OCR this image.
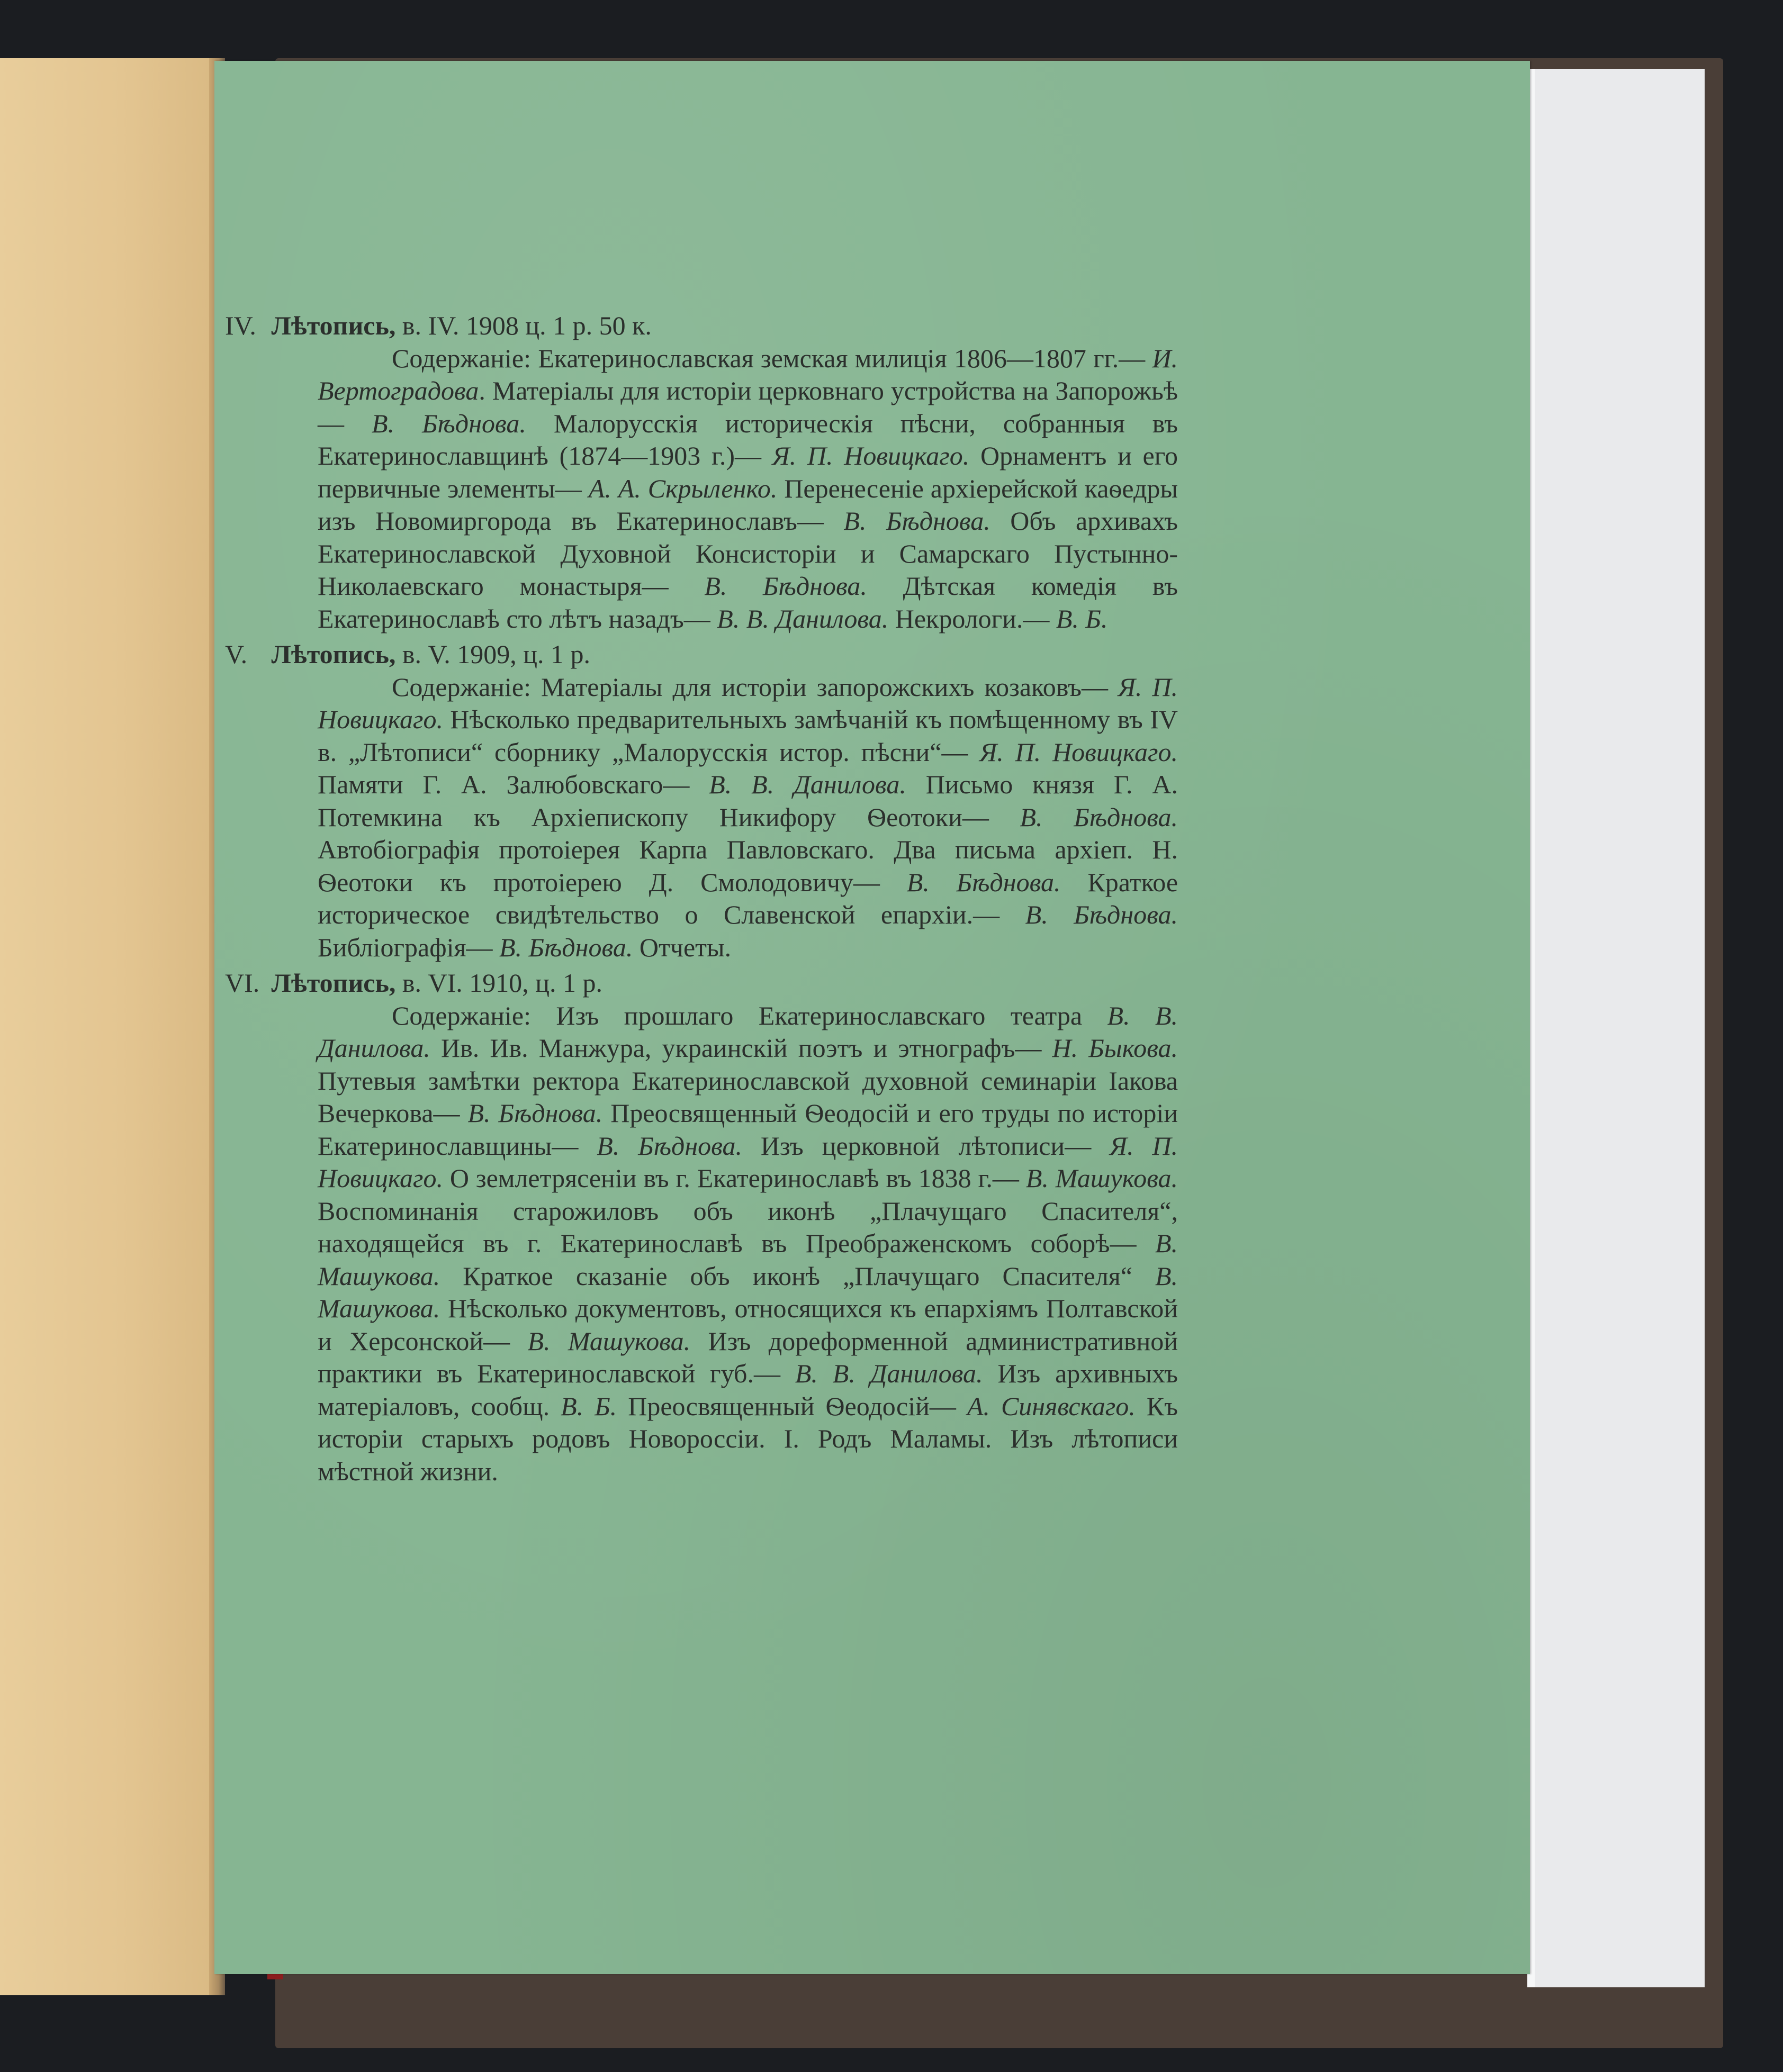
IV. Лѣтопись, в. IV. 1908 ц. 1 р. 50 к.

Содержаніе: Екатеринославская земская милиція 1806—1807 гг.— И. Вертоградова. Матеріалы для исторіи церковнаго устройства на Запорожьѣ — В. Бѣднова. Малорусскія историческія пѣсни, собранныя въ Екатеринославщинѣ (1874—1903 г.)— Я. П. Новицкаго. Орнаментъ и его первичные элементы— А. А. Скрыленко. Перенесеніе архіерейской каѳедры изъ Новомиргорода въ Екатеринославъ— В. Бѣднова. Объ архивахъ Екатеринославской Духовной Консисторіи и Самарскаго Пустынно-Николаевскаго монастыря— В. Бѣднова. Дѣтская комедія въ Екатеринославѣ сто лѣтъ назадъ— В. В. Данилова. Некрологи.— В. Б.

V. Лѣтопись, в. V. 1909, ц. 1 р.

Содержаніе: Матеріалы для исторіи запорожскихъ козаковъ— Я. П. Новицкаго. Нѣсколько предварительныхъ замѣчаній къ помѣщенному въ IV в. „Лѣтописи“ сборнику „Малорусскія истор. пѣсни“— Я. П. Новицкаго. Памяти Г. А. Залюбовскаго— В. В. Данилова. Письмо князя Г. А. Потемкина къ Архіепископу Никифору Ѳеотоки— В. Бѣднова. Автобіографія протоіерея Карпа Павловскаго. Два письма архіеп. Н. Ѳеотоки къ протоіерею Д. Смолодовичу— В. Бѣднова. Краткое историческое свидѣтельство о Славенской епархіи.— В. Бѣднова. Библіографія— В. Бѣднова. Отчеты.

VI. Лѣтопись, в. VI. 1910, ц. 1 р.

Содержаніе: Изъ прошлаго Екатеринославскаго театра В. В. Данилова. Ив. Ив. Манжура, украинскій поэтъ и этнографъ— Н. Быкова. Путевыя замѣтки ректора Екатеринославской духовной семинаріи Іакова Вечеркова— В. Бѣднова. Преосвященный Ѳеодосій и его труды по исторіи Екатеринославщины— В. Бѣднова. Изъ церковной лѣтописи— Я. П. Новицкаго. О землетрясеніи въ г. Екатеринославѣ въ 1838 г.— В. Машукова. Воспоминанія старожиловъ объ иконѣ „Плачущаго Спасителя“, находящейся въ г. Екатеринославѣ въ Преображенскомъ соборѣ— В. Машукова. Краткое сказаніе объ иконѣ „Плачущаго Спасителя“ В. Машукова. Нѣсколько документовъ, относящихся къ епархіямъ Полтавской и Херсонской— В. Машукова. Изъ дореформенной административной практики въ Екатеринославской губ.— В. В. Данилова. Изъ архивныхъ матеріаловъ, сообщ. В. Б. Преосвященный Ѳеодосій— А. Синявскаго. Къ исторіи старыхъ родовъ Новороссіи. I. Родъ Маламы. Изъ лѣтописи мѣстной жизни.
